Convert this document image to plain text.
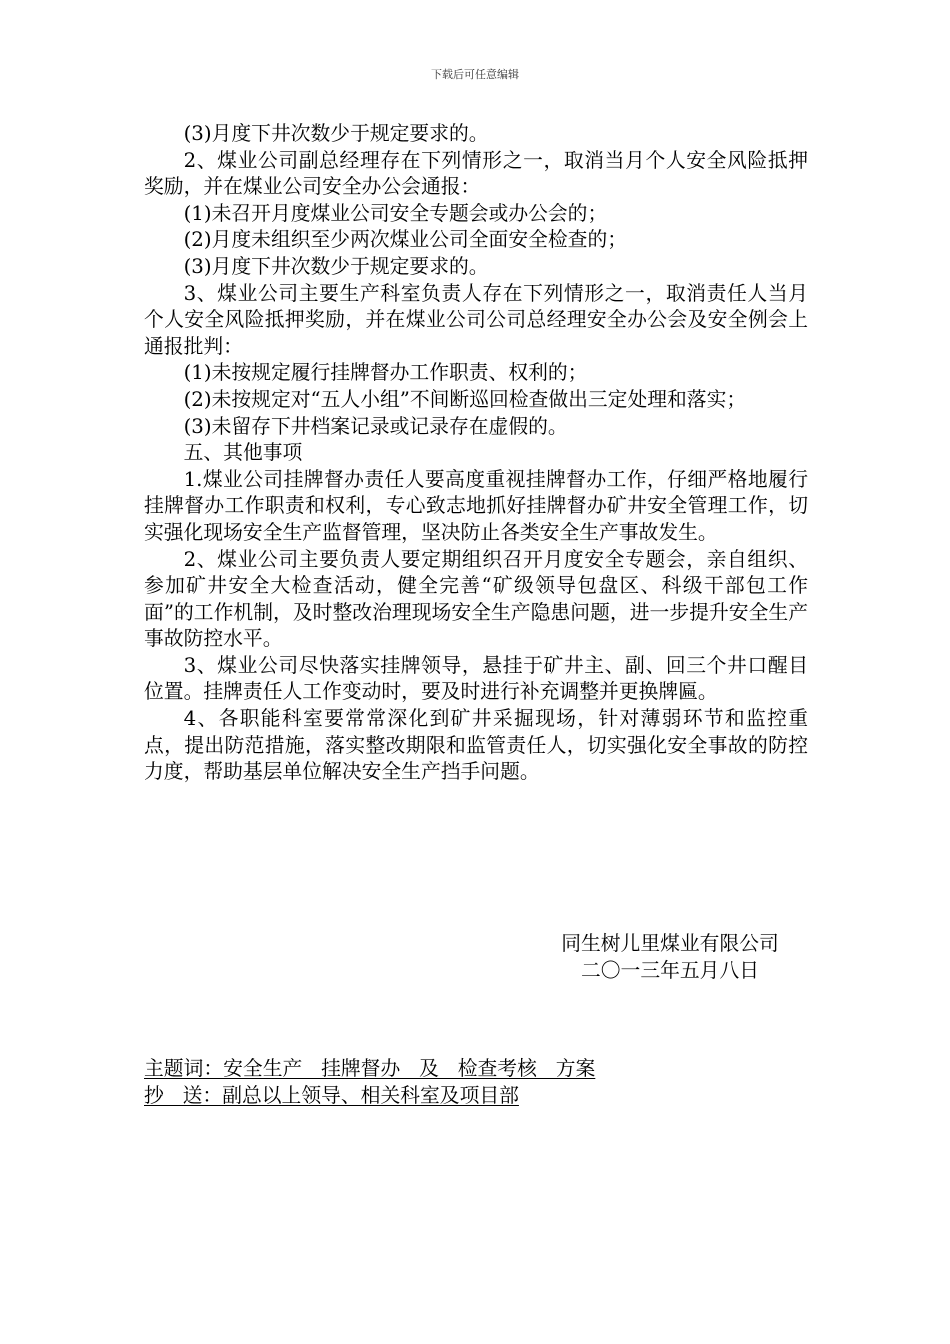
下载后可任意编辑

(3)月度下井次数少于规定要求的。

2、煤业公司副总经理存在下列情形之一，取消当月个人安全风险抵押奖励，并在煤业公司安全办公会通报：

(1)未召开月度煤业公司安全专题会或办公会的；

(2)月度未组织至少两次煤业公司全面安全检查的；

(3)月度下井次数少于规定要求的。

3、煤业公司主要生产科室负责人存在下列情形之一，取消责任人当月个人安全风险抵押奖励，并在煤业公司公司总经理安全办公会及安全例会上通报批判：

(1)未按规定履行挂牌督办工作职责、权利的；

(2)未按规定对“五人小组”不间断巡回检查做出三定处理和落实；

(3)未留存下井档案记录或记录存在虚假的。

五、其他事项

1.煤业公司挂牌督办责任人要高度重视挂牌督办工作，仔细严格地履行挂牌督办工作职责和权利，专心致志地抓好挂牌督办矿井安全管理工作，切实强化现场安全生产监督管理，坚决防止各类安全生产事故发生。

2、煤业公司主要负责人要定期组织召开月度安全专题会，亲自组织、参加矿井安全大检查活动，健全完善“矿级领导包盘区、科级干部包工作面”的工作机制，及时整改治理现场安全生产隐患问题，进一步提升安全生产事故防控水平。

3、煤业公司尽快落实挂牌领导，悬挂于矿井主、副、回三个井口醒目位置。挂牌责任人工作变动时，要及时进行补充调整并更换牌匾。

4、各职能科室要常常深化到矿井采掘现场，针对薄弱环节和监控重点，提出防范措施，落实整改期限和监管责任人，切实强化安全事故的防控力度，帮助基层单位解决安全生产挡手问题。

同生树儿里煤业有限公司
二〇一三年五月八日
主题词：安全生产   挂牌督办   及   检查考核   方案
抄   送：副总以上领导、相关科室及项目部
